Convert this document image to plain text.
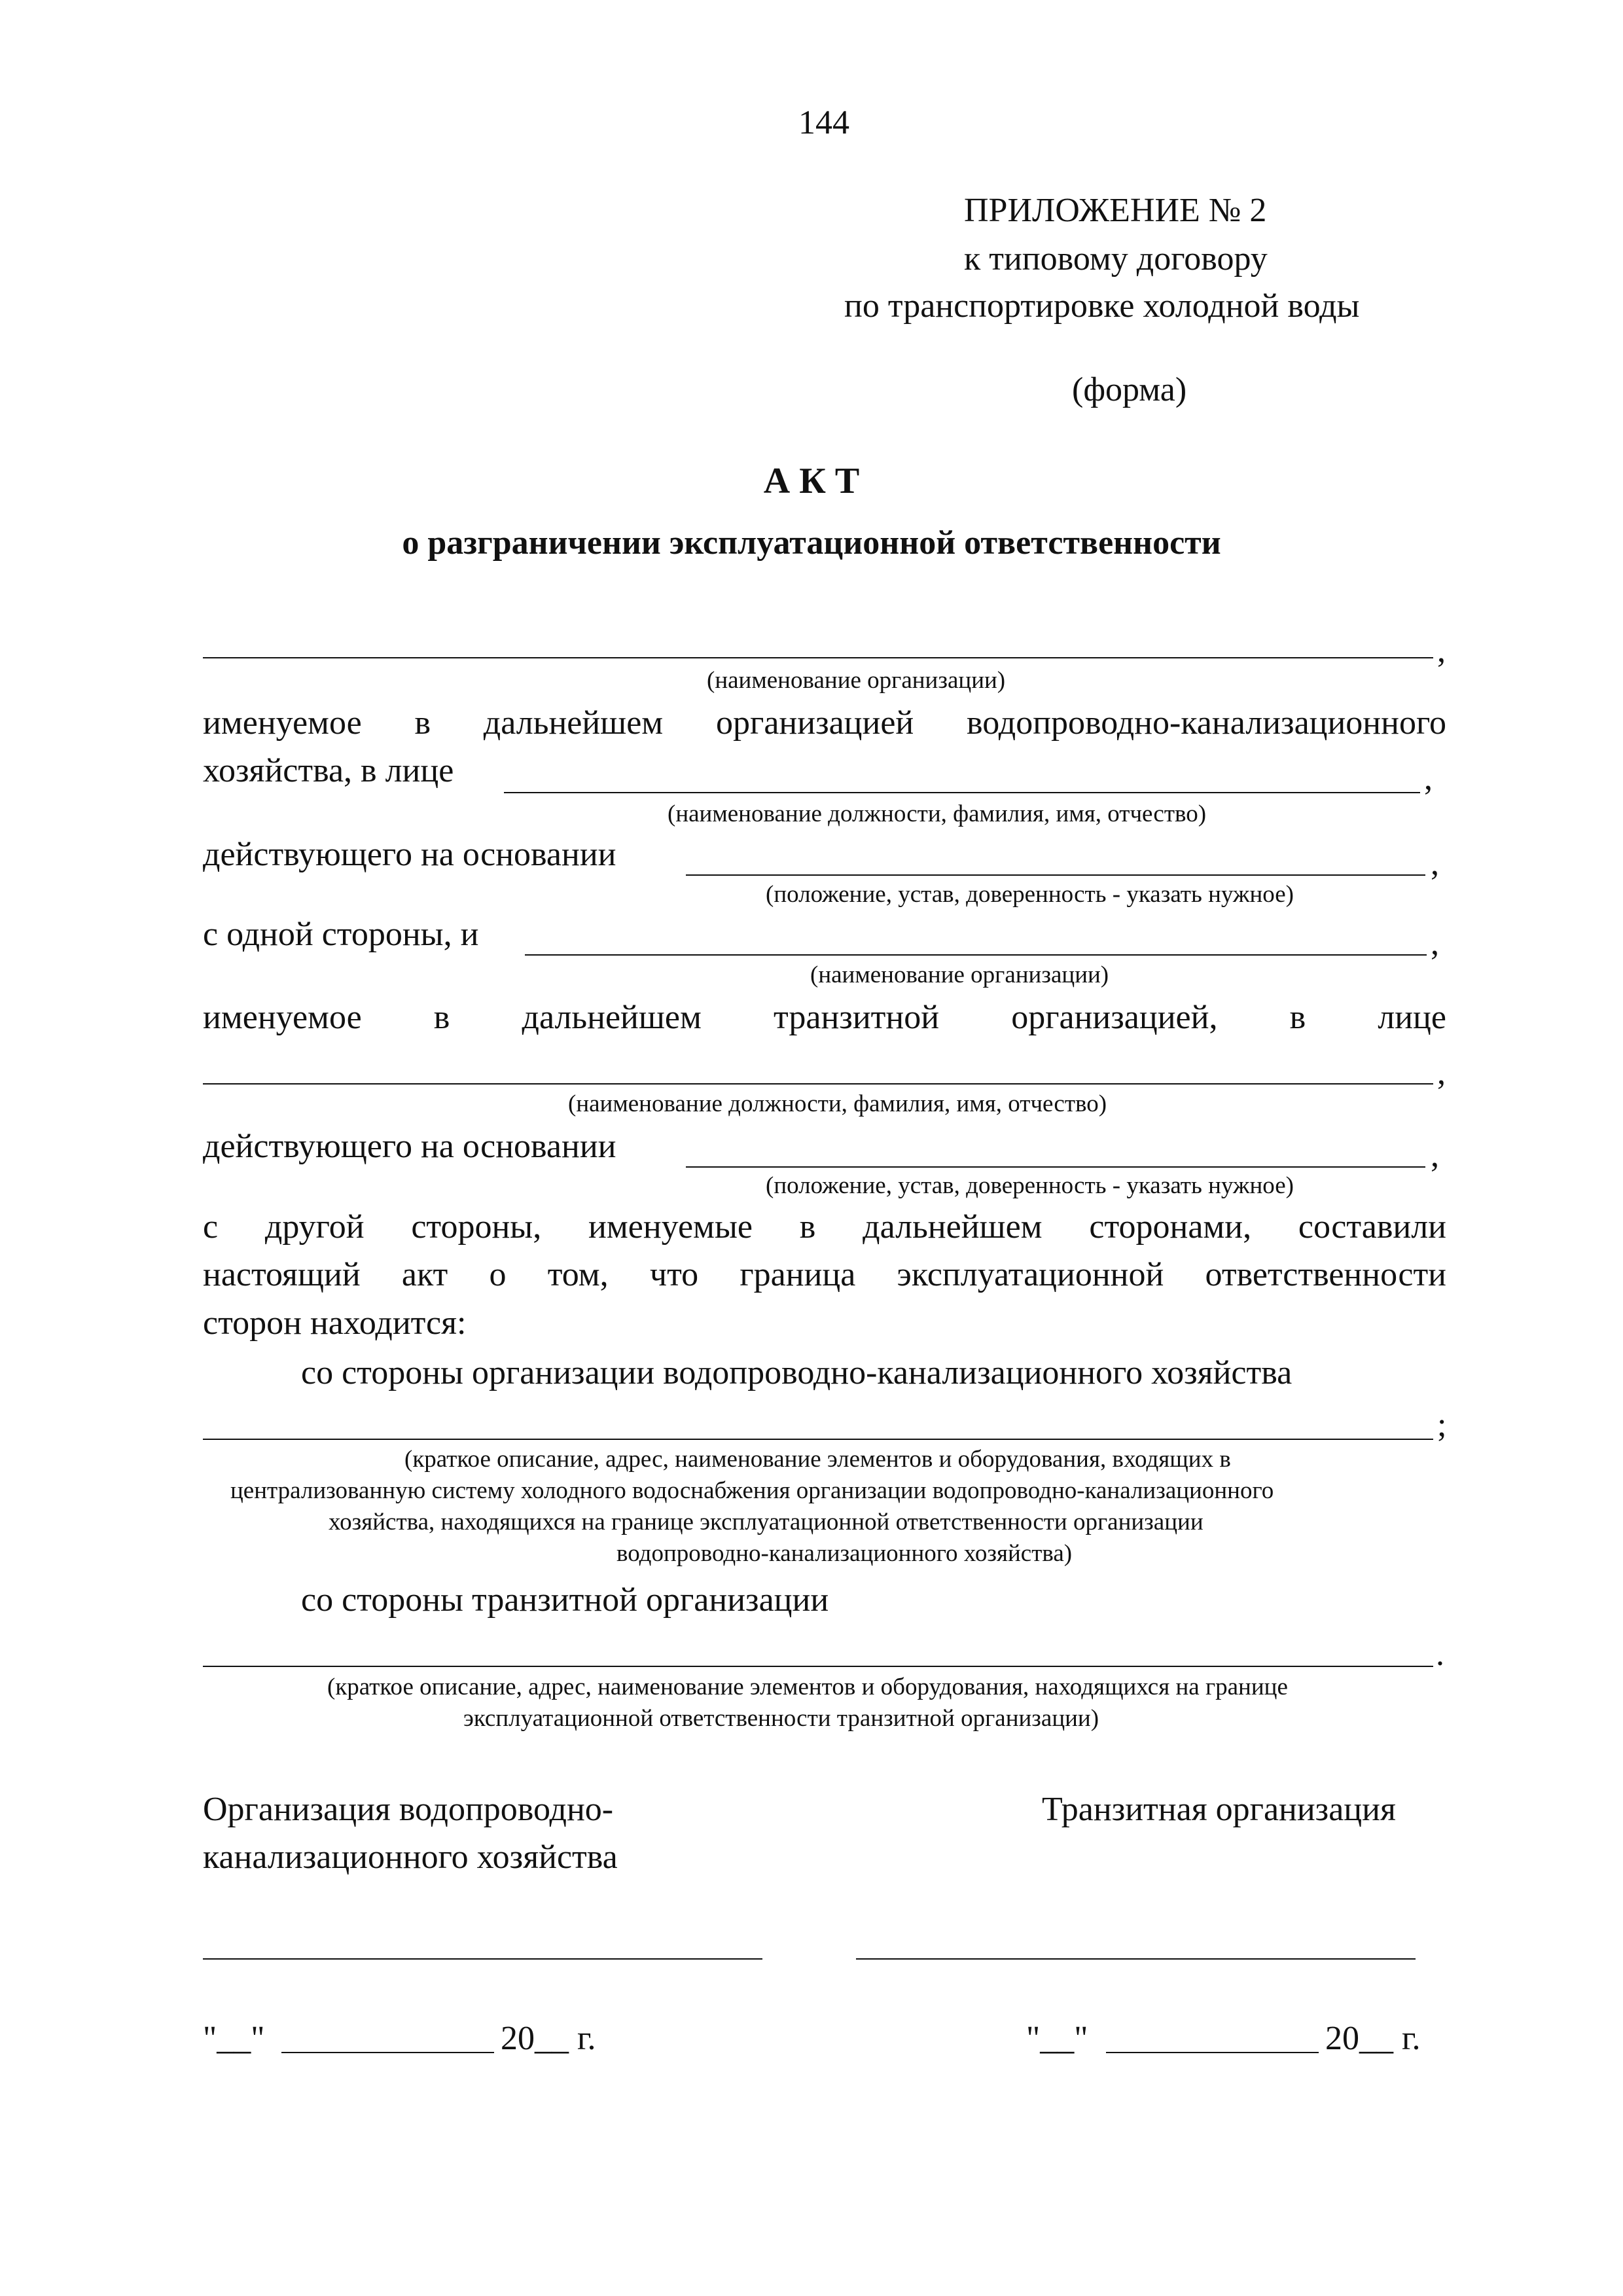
144
ПРИЛОЖЕНИЕ № 2
к типовому договору
по транспортировке холодной воды
(форма)
А К Т
о разграничении эксплуатационной ответственности
,
(наименование организации)
именуемое в дальнейшем организацией водопроводно-канализационного
хозяйства, в лице	,
(наименование должности, фамилия, имя, отчество)
действующего на основании	,
(положение, устав, доверенность - указать нужное)
с одной стороны, и	,
(наименование организации)
именуемое в дальнейшем транзитной организацией, в лице
,
(наименование должности, фамилия, имя, отчество)
действующего на основании	,
(положение, устав, доверенность - указать нужное)
с другой стороны, именуемые в дальнейшем сторонами, составили
настоящий акт о том, что граница эксплуатационной ответственности
сторон находится:
со стороны организации водопроводно-канализационного хозяйства
;
(краткое описание, адрес, наименование элементов и оборудования, входящих в
централизованную систему холодного водоснабжения организации водопроводно-канализационного
хозяйства, находящихся на границе эксплуатационной ответственности организации
водопроводно-канализационного хозяйства)
со стороны транзитной организации
.
(краткое описание, адрес, наименование элементов и оборудования, находящихся на границе
эксплуатационной ответственности транзитной организации)
Организация водопроводно-
канализационного хозяйства
Транзитная организация
"__"	20__ г.	"__"	20__ г.
